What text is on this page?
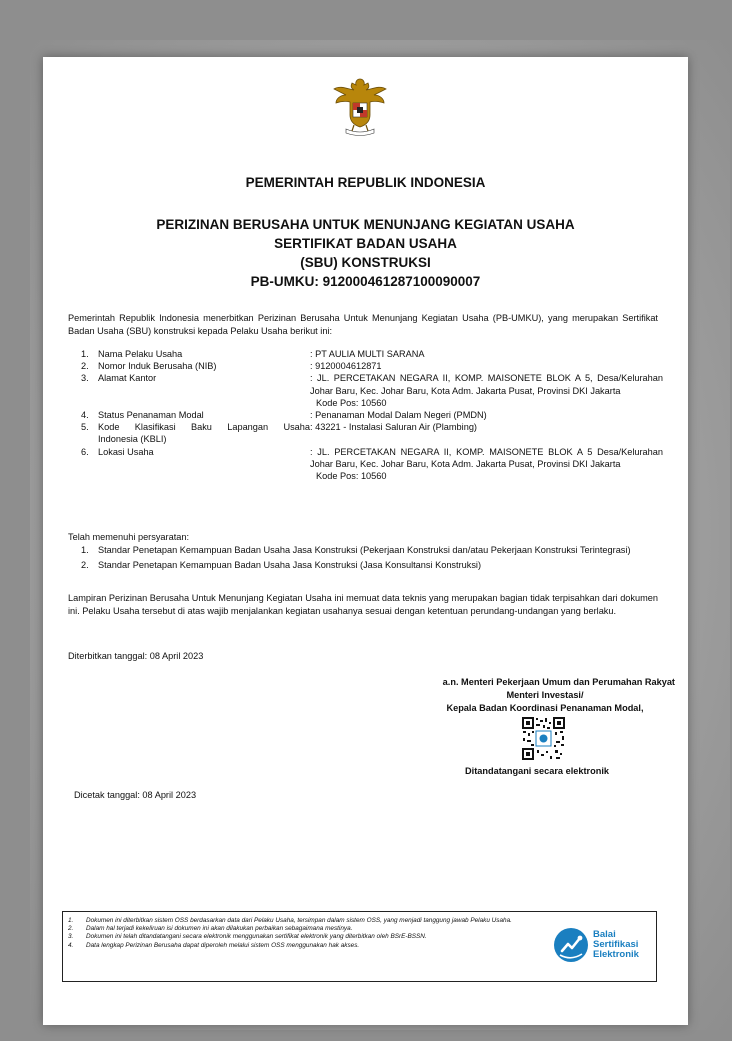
PEMERINTAH REPUBLIK INDONESIA
PERIZINAN BERUSAHA UNTUK MENUNJANG KEGIATAN USAHA
SERTIFIKAT BADAN USAHA
(SBU) KONSTRUKSI
PB-UMKU: 912000461287100090007
Pemerintah Republik Indonesia menerbitkan Perizinan Berusaha Untuk Menunjang Kegiatan Usaha (PB-UMKU), yang merupakan Sertifikat Badan Usaha (SBU) konstruksi kepada Pelaku Usaha berikut ini:
1.	Nama Pelaku Usaha	: PT AULIA MULTI SARANA
2.	Nomor Induk Berusaha (NIB)	: 9120004612871
3.	Alamat Kantor	: JL. PERCETAKAN NEGARA II, KOMP. MAISONETE BLOK A 5, Desa/Kelurahan Johar Baru, Kec. Johar Baru, Kota Adm. Jakarta Pusat, Provinsi DKI Jakarta
Kode Pos: 10560
4.	Status Penanaman Modal	: Penanaman Modal Dalam Negeri (PMDN)
5.	Kode Klasifikasi Baku Lapangan Usaha
Indonesia (KBLI)
: 43221 - Instalasi Saluran Air (Plambing)
6.	Lokasi Usaha	: JL. PERCETAKAN NEGARA II, KOMP. MAISONETE BLOK A 5 Desa/Kelurahan Johar Baru, Kec. Johar Baru, Kota Adm. Jakarta Pusat, Provinsi DKI Jakarta
Kode Pos: 10560
Telah memenuhi persyaratan:
1.	Standar Penetapan Kemampuan Badan Usaha Jasa Konstruksi (Pekerjaan Konstruksi dan/atau Pekerjaan Konstruksi Terintegrasi)
2.	Standar Penetapan Kemampuan Badan Usaha Jasa Konstruksi (Jasa Konsultansi Konstruksi)
Lampiran Perizinan Berusaha Untuk Menunjang Kegiatan Usaha ini memuat data teknis yang merupakan bagian tidak terpisahkan dari dokumen ini. Pelaku Usaha tersebut di atas wajib menjalankan kegiatan usahanya sesuai dengan ketentuan perundang-undangan yang berlaku.
Diterbitkan tanggal: 08 April 2023
a.n. Menteri Pekerjaan Umum dan Perumahan Rakyat
Menteri Investasi/
Kepala Badan Koordinasi Penanaman Modal,
Ditandatangani secara elektronik
Dicetak tanggal: 08 April 2023
1.	Dokumen ini diterbitkan sistem OSS berdasarkan data dari Pelaku Usaha, tersimpan dalam sistem OSS, yang menjadi tanggung jawab Pelaku Usaha.
2.	Dalam hal terjadi kekeliruan isi dokumen ini akan dilakukan perbaikan sebagaimana mestinya.
3.	Dokumen ini telah ditandatangani secara elektronik menggunakan sertifikat elektronik yang diterbitkan oleh BSrE-BSSN.
4.	Data lengkap Perizinan Berusaha dapat diperoleh melalui sistem OSS menggunakan hak akses.
Balai
Sertifikasi
Elektronik
